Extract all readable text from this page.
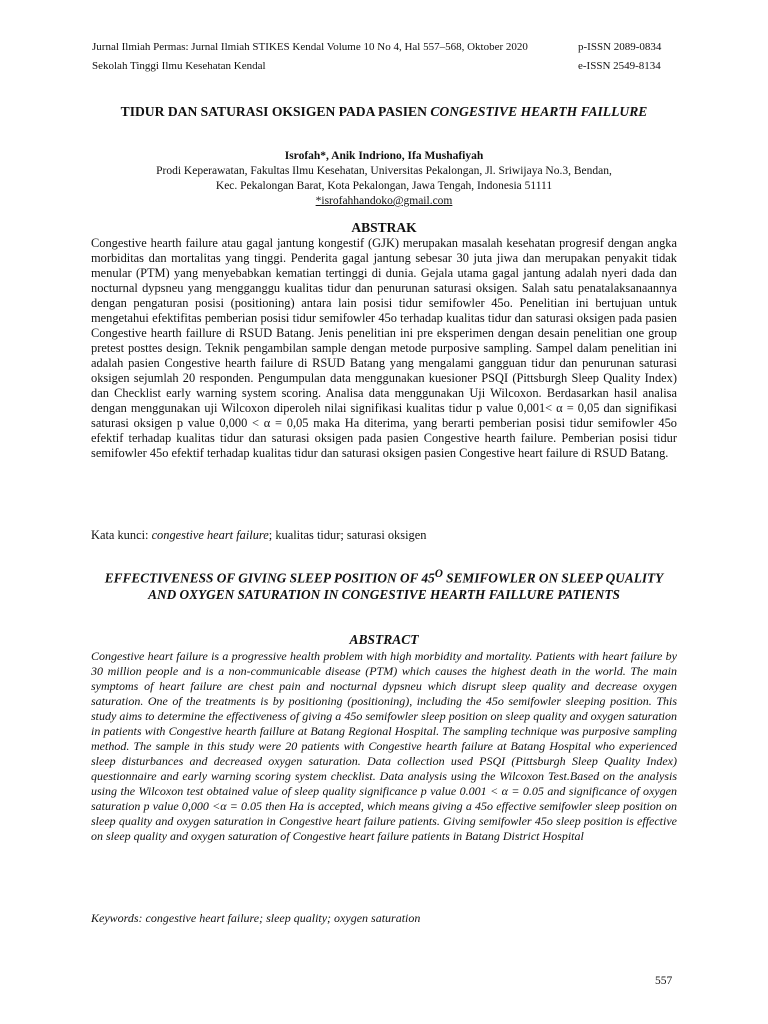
Jurnal Ilmiah Permas: Jurnal Ilmiah STIKES Kendal Volume 10 No 4, Hal 557–568, Oktober 2020	p-ISSN 2089-0834
Sekolah Tinggi Ilmu Kesehatan Kendal	e-ISSN 2549-8134
TIDUR DAN SATURASI OKSIGEN PADA PASIEN CONGESTIVE HEARTH FAILLURE
Isrofah*, Anik Indriono, Ifa Mushafiyah
Prodi Keperawatan, Fakultas Ilmu Kesehatan, Universitas Pekalongan, Jl. Sriwijaya No.3, Bendan,
Kec. Pekalongan Barat, Kota Pekalongan, Jawa Tengah, Indonesia 51111
*isrofahhandoko@gmail.com
ABSTRAK

Congestive hearth failure atau gagal jantung kongestif (GJK) merupakan masalah kesehatan progresif dengan angka morbiditas dan mortalitas yang tinggi. Penderita gagal jantung sebesar 30 juta jiwa dan merupakan penyakit tidak menular (PTM) yang menyebabkan kematian tertinggi di dunia. Gejala utama gagal jantung adalah nyeri dada dan nocturnal dypsneu yang mengganggu kualitas tidur dan penurunan saturasi oksigen. Salah satu penatalaksanaannya dengan pengaturan posisi (positioning) antara lain posisi tidur semifowler 45o. Penelitian ini bertujuan untuk mengetahui efektifitas pemberian posisi tidur semifowler 45o terhadap kualitas tidur dan saturasi oksigen pada pasien Congestive hearth faillure di RSUD Batang. Jenis penelitian ini pre eksperimen dengan desain penelitian one group pretest posttes design. Teknik pengambilan sample dengan metode purposive sampling. Sampel dalam penelitian ini adalah pasien Congestive hearth failure di RSUD Batang yang mengalami gangguan tidur dan penurunan saturasi oksigen sejumlah 20 responden. Pengumpulan data menggunakan kuesioner PSQI (Pittsburgh Sleep Quality Index) dan Checklist early warning system scoring. Analisa data menggunakan Uji Wilcoxon. Berdasarkan hasil analisa dengan menggunakan uji Wilcoxon diperoleh nilai signifikasi kualitas tidur p value 0,001< α = 0,05 dan signifikasi saturasi oksigen p value 0,000 < α = 0,05 maka Ha diterima, yang berarti pemberian posisi tidur semifowler 45o efektif terhadap kualitas tidur dan saturasi oksigen pada pasien Congestive hearth failure. Pemberian posisi tidur semifowler 45o efektif terhadap kualitas tidur dan saturasi oksigen pasien Congestive heart failure di RSUD Batang.

Kata kunci: congestive heart failure; kualitas tidur; saturasi oksigen
EFFECTIVENESS OF GIVING SLEEP POSITION OF $45^O$ SEMIFOWLER ON SLEEP QUALITY AND OXYGEN SATURATION IN CONGESTIVE HEARTH FAILLURE PATIENTS
ABSTRACT

Congestive heart failure is a progressive health problem with high morbidity and mortality. Patients with heart failure by 30 million people and is a non-communicable disease (PTM) which causes the highest death in the world. The main symptoms of heart failure are chest pain and nocturnal dypsneu which disrupt sleep quality and decrease oxygen saturation. One of the treatments is by positioning (positioning), including the 45o semifowler sleeping position. This study aims to determine the effectiveness of giving a 45o semifowler sleep position on sleep quality and oxygen saturation in patients with Congestive hearth faillure at Batang Regional Hospital. The sampling technique was purposive sampling method. The sample in this study were 20 patients with Congestive hearth failure at Batang Hospital who experienced sleep disturbances and decreased oxygen saturation. Data collection used PSQI (Pittsburgh Sleep Quality Index) questionnaire and early warning scoring system checklist. Data analysis using the Wilcoxon Test.Based on the analysis using the Wilcoxon test obtained value of sleep quality significance p value 0.001 < α = 0.05 and significance of oxygen saturation p value 0,000 <α = 0.05 then Ha is accepted, which means giving a 45o effective semifowler sleep position on sleep quality and oxygen saturation in Congestive heart failure patients. Giving semifowler 45o sleep position is effective on sleep quality and oxygen saturation of Congestive heart failure patients in Batang District Hospital

Keywords: congestive heart failure; sleep quality; oxygen saturation
557
